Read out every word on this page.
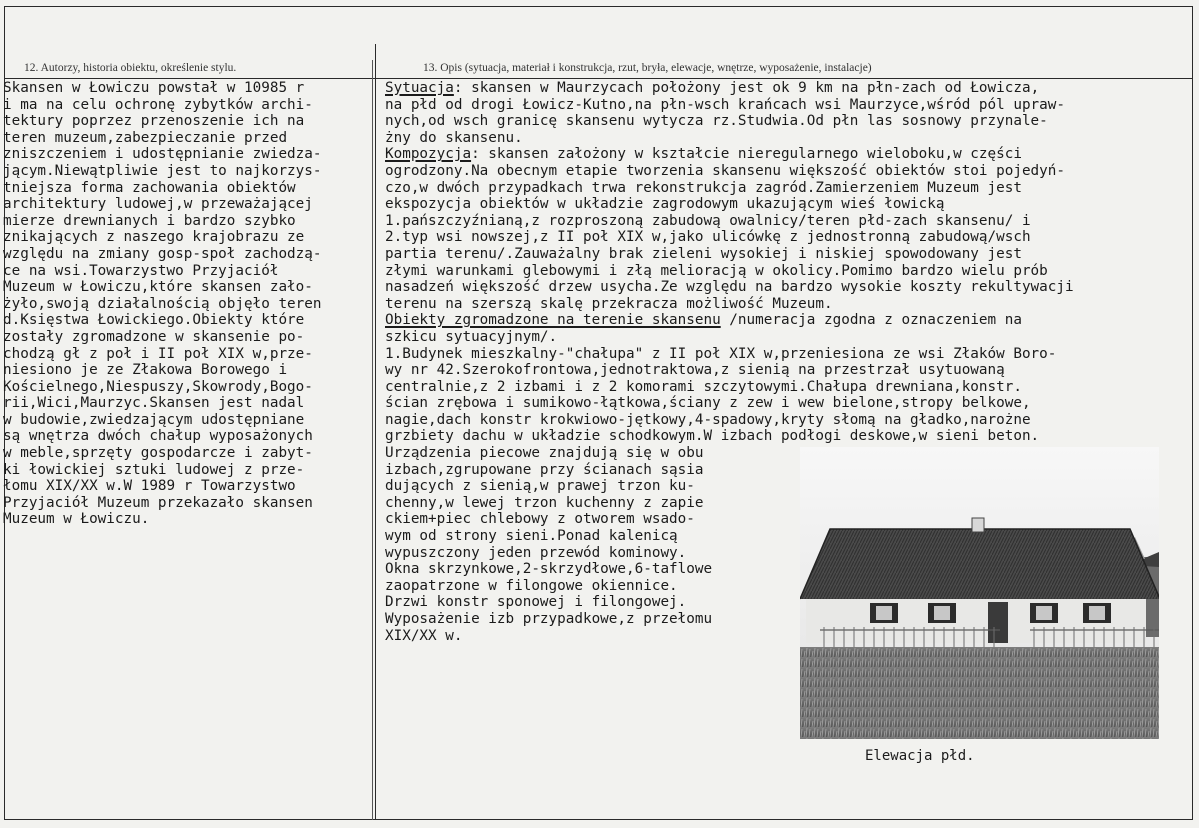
12. Autorzy, historia obiektu, określenie stylu.	13. Opis (sytuacja, materiał i konstrukcja, rzut, bryła, elewacje, wnętrze, wyposażenie, instalacje)
Skansen w Łowiczu powstał w 10985 r
i ma na celu ochronę zybytków archi-
tektury poprzez przenoszenie ich na
teren muzeum,zabezpieczanie przed
zniszczeniem i udostępnianie zwiedza-
jącym.Niewątpliwie jest to najkorzys-
tniejsza forma zachowania obiektów
architektury ludowej,w przeważającej
mierze drewnianych i bardzo szybko
znikających z naszego krajobrazu ze
względu na zmiany gosp-społ zachodzą-
ce na wsi.Towarzystwo Przyjaciół
Muzeum w Łowiczu,które skansen zało-
żyło,swoją działalnością objęło teren
d.Księstwa Łowickiego.Obiekty które
zostały zgromadzone w skansenie po-
chodzą gł z poł i II poł XIX w,prze-
niesiono je ze Złakowa Borowego i
Kościelnego,Niespuszy,Skowrody,Bogo-
rii,Wici,Maurzyc.Skansen jest nadal
w budowie,zwiedzającym udostępniane
są wnętrza dwóch chałup wyposażonych
w meble,sprzęty gospodarcze i zabyt-
ki łowickiej sztuki ludowej z prze-
łomu XIX/XX w.W 1989 r Towarzystwo
Przyjaciół Muzeum przekazało skansen
Muzeum w Łowiczu.
Sytuacja: skansen w Maurzycach położony jest ok 9 km na płn-zach od Łowicza,
na płd od drogi Łowicz-Kutno,na płn-wsch krańcach wsi Maurzyce,wśród pól upraw-
nych,od wsch granicę skansenu wytycza rz.Studwia.Od płn las sosnowy przynale-
żny do skansenu.
Kompozycja: skansen założony w kształcie nieregularnego wieloboku,w części
ogrodzony.Na obecnym etapie tworzenia skansenu większość obiektów stoi pojedyń-
czo,w dwóch przypadkach trwa rekonstrukcja zagród.Zamierzeniem Muzeum jest
ekspozycja obiektów w układzie zagrodowym ukazującym wieś łowicką
1.pańszczyźnianą,z rozproszoną zabudową owalnicy/teren płd-zach skansenu/ i
2.typ wsi nowszej,z II poł XIX w,jako ulicówkę z jednostronną zabudową/wsch
partia terenu/.Zauważalny brak zieleni wysokiej i niskiej spowodowany jest
złymi warunkami glebowymi i złą melioracją w okolicy.Pomimo bardzo wielu prób
nasadzeń większość drzew usycha.Ze względu na bardzo wysokie koszty rekultywacji
terenu na szerszą skalę przekracza możliwość Muzeum.
Obiekty zgromadzone na terenie skansenu /numeracja zgodna z oznaczeniem na
szkicu sytuacyjnym/.
1.Budynek mieszkalny-"chałupa" z II poł XIX w,przeniesiona ze wsi Złaków Boro-
wy nr 42.Szerokofrontowa,jednotraktowa,z sienią na przestrzał usytuowaną
centralnie,z 2 izbami i z 2 komorami szczytowymi.Chałupa drewniana,konstr.
ścian zrębowa i sumikowo-łątkowa,ściany z zew i wew bielone,stropy belkowe,
nagie,dach konstr krokwiowo-jętkowy,4-spadowy,kryty słomą na gładko,narożne
grzbiety dachu w układzie schodkowym.W izbach podłogi deskowe,w sieni beton.
Urządzenia piecowe znajdują się w obu
izbach,zgrupowane przy ścianach sąsia
dujących z sienią,w prawej trzon ku-
chenny,w lewej trzon kuchenny z zapie
ckiem+piec chlebowy z otworem wsado-
wym od strony sieni.Ponad kalenicą
wypuszczony jeden przewód kominowy.
Okna skrzynkowe,2-skrzydłowe,6-taflowe
zaopatrzone w filongowe okiennice.
Drzwi konstr sponowej i filongowej.
Wyposażenie izb przypadkowe,z przełomu
XIX/XX w.
Elewacja płd.
